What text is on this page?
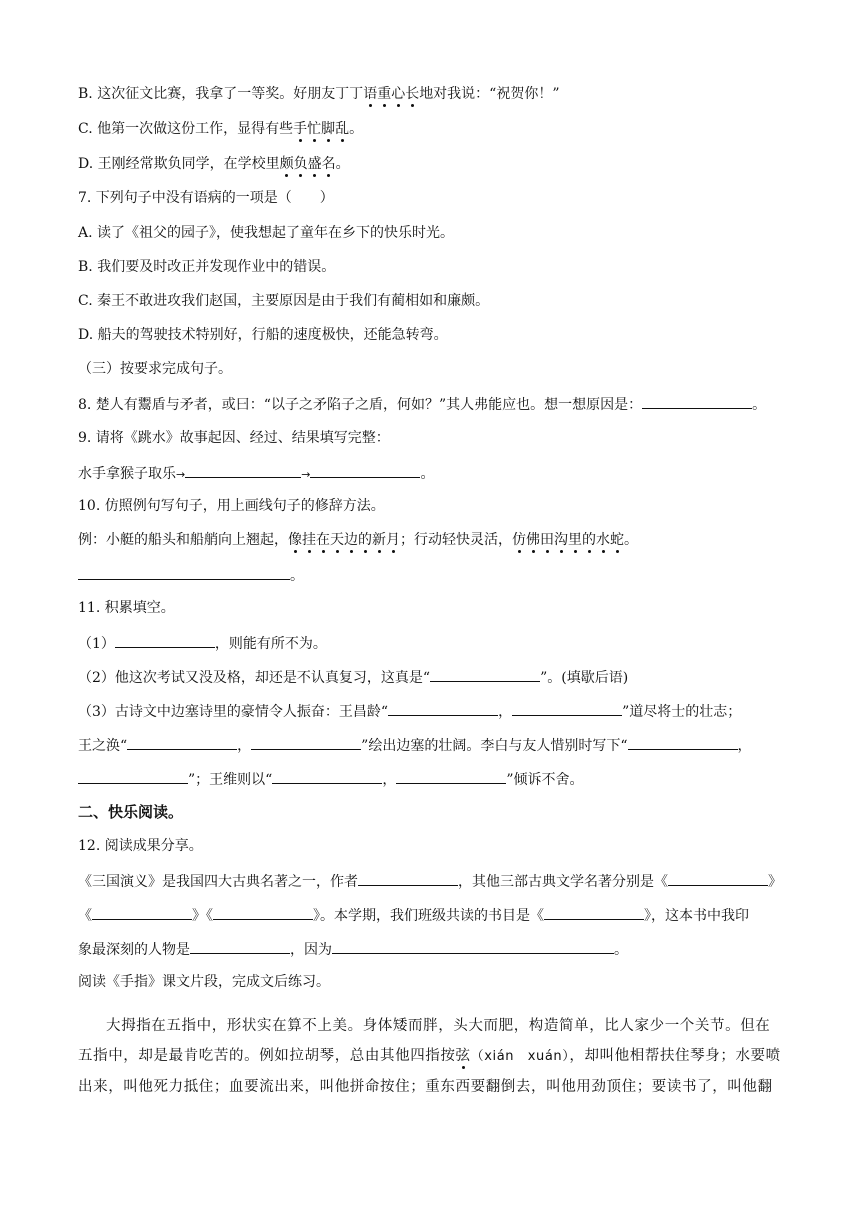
B. 这次征文比赛，我拿了一等奖。好朋友丁丁语重心长地对我说：“祝贺你！”
C. 他第一次做这份工作，显得有些手忙脚乱。
D. 王刚经常欺负同学，在学校里颇负盛名。
7. 下列句子中没有语病的一项是（　　）
A. 读了《祖父的园子》，使我想起了童年在乡下的快乐时光。
B. 我们要及时改正并发现作业中的错误。
C. 秦王不敢进攻我们赵国，主要原因是由于我们有蔺相如和廉颇。
D. 船夫的驾驶技术特别好，行船的速度极快，还能急转弯。
（三）按要求完成句子。
8. 楚人有鬻盾与矛者，或曰：“以子之矛陷子之盾，何如？”其人弗能应也。想一想原因是：	。
9. 请将《跳水》故事起因、经过、结果填写完整：
水手拿猴子取乐→	→	。
10. 仿照例句写句子，用上画线句子的修辞方法。
例：小艇的船头和船艄向上翘起，像挂在天边的新月；行动轻快灵活，仿佛田沟里的水蛇。
。
11. 积累填空。
（1）	，则能有所不为。
（2）他这次考试又没及格，却还是不认真复习，这真是“	”。(填歇后语)
（3）古诗文中边塞诗里的豪情令人振奋：王昌龄“	，	”道尽将士的壮志；
王之涣“	，	”绘出边塞的壮阔。李白与友人惜别时写下“	，
”；王维则以“	，	”倾诉不舍。
二、快乐阅读。
12. 阅读成果分享。
《三国演义》是我国四大古典名著之一，作者	，其他三部古典文学名著分别是《	》
《	》《	》。本学期，我们班级共读的书目是《	》，这本书中我印
象最深刻的人物是	，因为	。
阅读《手指》课文片段，完成文后练习。
大拇指在五指中，形状实在算不上美。身体矮而胖，头大而肥，构造简单，比人家少一个关节。但在
五指中，却是最肯吃苦的。例如拉胡琴，总由其他四指按弦（xián　xuán），却叫他相帮扶住琴身；水要喷
出来，叫他死力抵住；血要流出来，叫他拼命按住；重东西要翻倒去，叫他用劲顶住；要读书了，叫他翻
